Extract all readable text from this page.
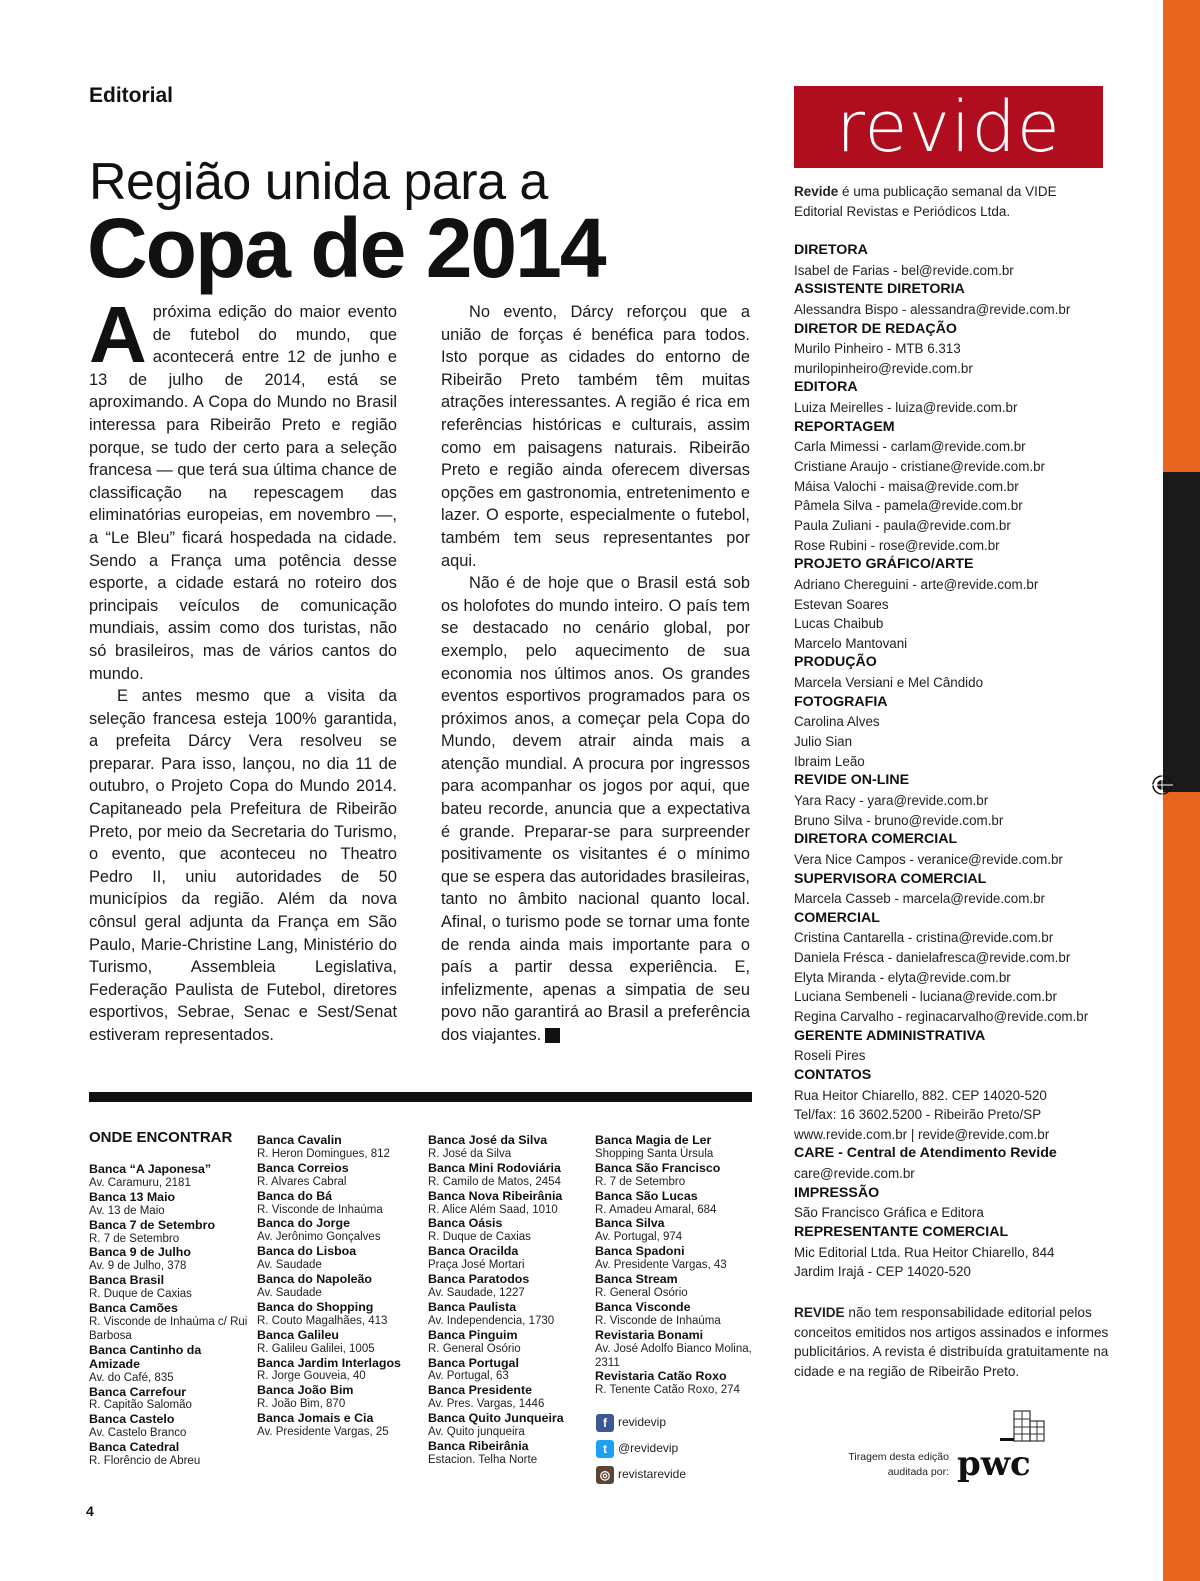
Editorial
Região unida para a
Copa de 2014

Apróxima edição do maior evento de futebol do mundo, que acontecerá entre 12 de junho e 13 de julho de 2014, está se aproximando. A Copa do Mundo no Brasil interessa para Ribeirão Preto e região porque, se tudo der certo para a seleção francesa — que terá sua última chance de classificação na repescagem das eliminatórias europeias, em novembro —, a “Le Bleu” ficará hospedada na cidade. Sendo a França uma potência desse esporte, a cidade estará no roteiro dos principais veículos de comunicação mundiais, assim como dos turistas, não só brasileiros, mas de vários cantos do mundo.

E antes mesmo que a visita da seleção francesa esteja 100% garantida, a prefeita Dárcy Vera resolveu se preparar. Para isso, lançou, no dia 11 de outubro, o Projeto Copa do Mundo 2014. Capitaneado pela Prefeitura de Ribeirão Preto, por meio da Secretaria do Turismo, o evento, que aconteceu no Theatro Pedro II, uniu autoridades de 50 municípios da região. Além da nova cônsul geral adjunta da França em São Paulo, Marie-Christine Lang, Ministério do Turismo, Assembleia Legislativa, Federação Paulista de Futebol, diretores esportivos, Sebrae, Senac e Sest/Senat estiveram representados.

No evento, Dárcy reforçou que a união de forças é benéfica para todos. Isto porque as cidades do entorno de Ribeirão Preto também têm muitas atrações interessantes. A região é rica em referências históricas e culturais, assim como em paisagens naturais. Ribeirão Preto e região ainda oferecem diversas opções em gastronomia, entretenimento e lazer. O esporte, especialmente o futebol, também tem seus representantes por aqui.

Não é de hoje que o Brasil está sob os holofotes do mundo inteiro. O país tem se destacado no cenário global, por exemplo, pelo aquecimento de sua economia nos últimos anos. Os grandes eventos esportivos programados para os próximos anos, a começar pela Copa do Mundo, devem atrair ainda mais a atenção mundial. A procura por ingressos para acompanhar os jogos por aqui, que bateu recorde, anuncia que a expectativa é grande. Preparar-se para surpreender positivamente os visitantes é o mínimo que se espera das autoridades brasileiras, tanto no âmbito nacional quanto local. Afinal, o turismo pode se tornar uma fonte de renda ainda mais importante para o país a partir dessa experiência. E, infelizmente, apenas a simpatia de seu povo não garantirá ao Brasil a preferência dos viajantes.	r

ONDE ENCONTRAR
Banca “A Japonesa”
Av. Caramuru, 2181
Banca 13 Maio
Av. 13 de Maio
Banca 7 de Setembro
R. 7 de Setembro
Banca 9 de Julho
Av. 9 de Julho, 378
Banca Brasil
R. Duque de Caxias
Banca Camões
R. Visconde de Inhaúma c/ Rui Barbosa
Banca Cantinho da Amizade
Av. do Café, 835
Banca Carrefour
R. Capitão Salomão
Banca Castelo
Av. Castelo Branco
Banca Catedral
R. Florêncio de Abreu
Banca Cavalin
R. Heron Domingues, 812
Banca Correios
R. Alvares Cabral
Banca do Bá
R. Visconde de Inhaúma
Banca do Jorge
Av. Jerônimo Gonçalves
Banca do Lisboa
Av. Saudade
Banca do Napoleão
Av. Saudade
Banca do Shopping
R. Couto Magalhães, 413
Banca Galileu
R. Galileu Galilei, 1005
Banca Jardim Interlagos
R. Jorge Gouveia, 40
Banca João Bim
R. João Bim, 870
Banca Jomais e Cia
Av. Presidente Vargas, 25
Banca José da Silva
R. José da Silva
Banca Mini Rodoviária
R. Camilo de Matos, 2454
Banca Nova Ribeirânia
R. Alice Além Saad, 1010
Banca Oásis
R. Duque de Caxias
Banca Oracilda
Praça José Mortari
Banca Paratodos
Av. Saudade, 1227
Banca Paulista
Av. Independencia, 1730
Banca Pinguim
R. General Osório
Banca Portugal
Av. Portugal, 63
Banca Presidente
Av. Pres. Vargas, 1446
Banca Quito Junqueira
Av. Quito junqueira
Banca Ribeirânia
Estacion. Telha Norte
Banca Magia de Ler
Shopping Santa Úrsula
Banca São Francisco
R. 7 de Setembro
Banca São Lucas
R. Amadeu Amaral, 684
Banca Silva
Av. Portugal, 974
Banca Spadoni
Av. Presidente Vargas, 43
Banca Stream
R. General Osório
Banca Visconde
R. Visconde de Inhaúma
Revistaria Bonami
Av. José Adolfo Bianco Molina, 2311
Revistaria Catão Roxo
R. Tenente Catão Roxo, 274
f revidevip
t @revidevip
◎ revistarevide
4
revide
Revide é uma publicação semanal da VIDE Editorial Revistas e Periódicos Ltda.
DIRETORA
Isabel de Farias - bel@revide.com.br
ASSISTENTE DIRETORIA
Alessandra Bispo - alessandra@revide.com.br
DIRETOR DE REDAÇÃO
Murilo Pinheiro - MTB 6.313
murilopinheiro@revide.com.br
EDITORA
Luiza Meirelles - luiza@revide.com.br
REPORTAGEM
Carla Mimessi - carlam@revide.com.br
Cristiane Araujo - cristiane@revide.com.br
Máisa Valochi - maisa@revide.com.br
Pâmela Silva - pamela@revide.com.br
Paula Zuliani - paula@revide.com.br
Rose Rubini - rose@revide.com.br
PROJETO GRÁFICO/ARTE
Adriano Chereguini - arte@revide.com.br
Estevan Soares
Lucas Chaibub
Marcelo Mantovani
PRODUÇÃO
Marcela Versiani e Mel Cândido
FOTOGRAFIA
Carolina Alves
Julio Sian
Ibraim Leão
REVIDE ON-LINE
Yara Racy - yara@revide.com.br
Bruno Silva - bruno@revide.com.br
DIRETORA COMERCIAL
Vera Nice Campos - veranice@revide.com.br
SUPERVISORA COMERCIAL
Marcela Casseb - marcela@revide.com.br
COMERCIAL
Cristina Cantarella - cristina@revide.com.br
Daniela Frésca - danielafresca@revide.com.br
Elyta Miranda - elyta@revide.com.br
Luciana Sembeneli - luciana@revide.com.br
Regina Carvalho - reginacarvalho@revide.com.br
GERENTE ADMINISTRATIVA
Roseli Pires
CONTATOS
Rua Heitor Chiarello, 882. CEP 14020-520
Tel/fax: 16 3602.5200 - Ribeirão Preto/SP
www.revide.com.br | revide@revide.com.br
CARE - Central de Atendimento Revide
care@revide.com.br
IMPRESSÃO
São Francisco Gráfica e Editora
REPRESENTANTE COMERCIAL
Mic Editorial Ltda. Rua Heitor Chiarello, 844
Jardim Irajá - CEP 14020-520
REVIDE não tem responsabilidade editorial pelos conceitos emitidos nos artigos assinados e informes publicitários. A revista é distribuída gratuitamente na cidade e na região de Ribeirão Preto.
Tiragem desta edição auditada por: pwc
